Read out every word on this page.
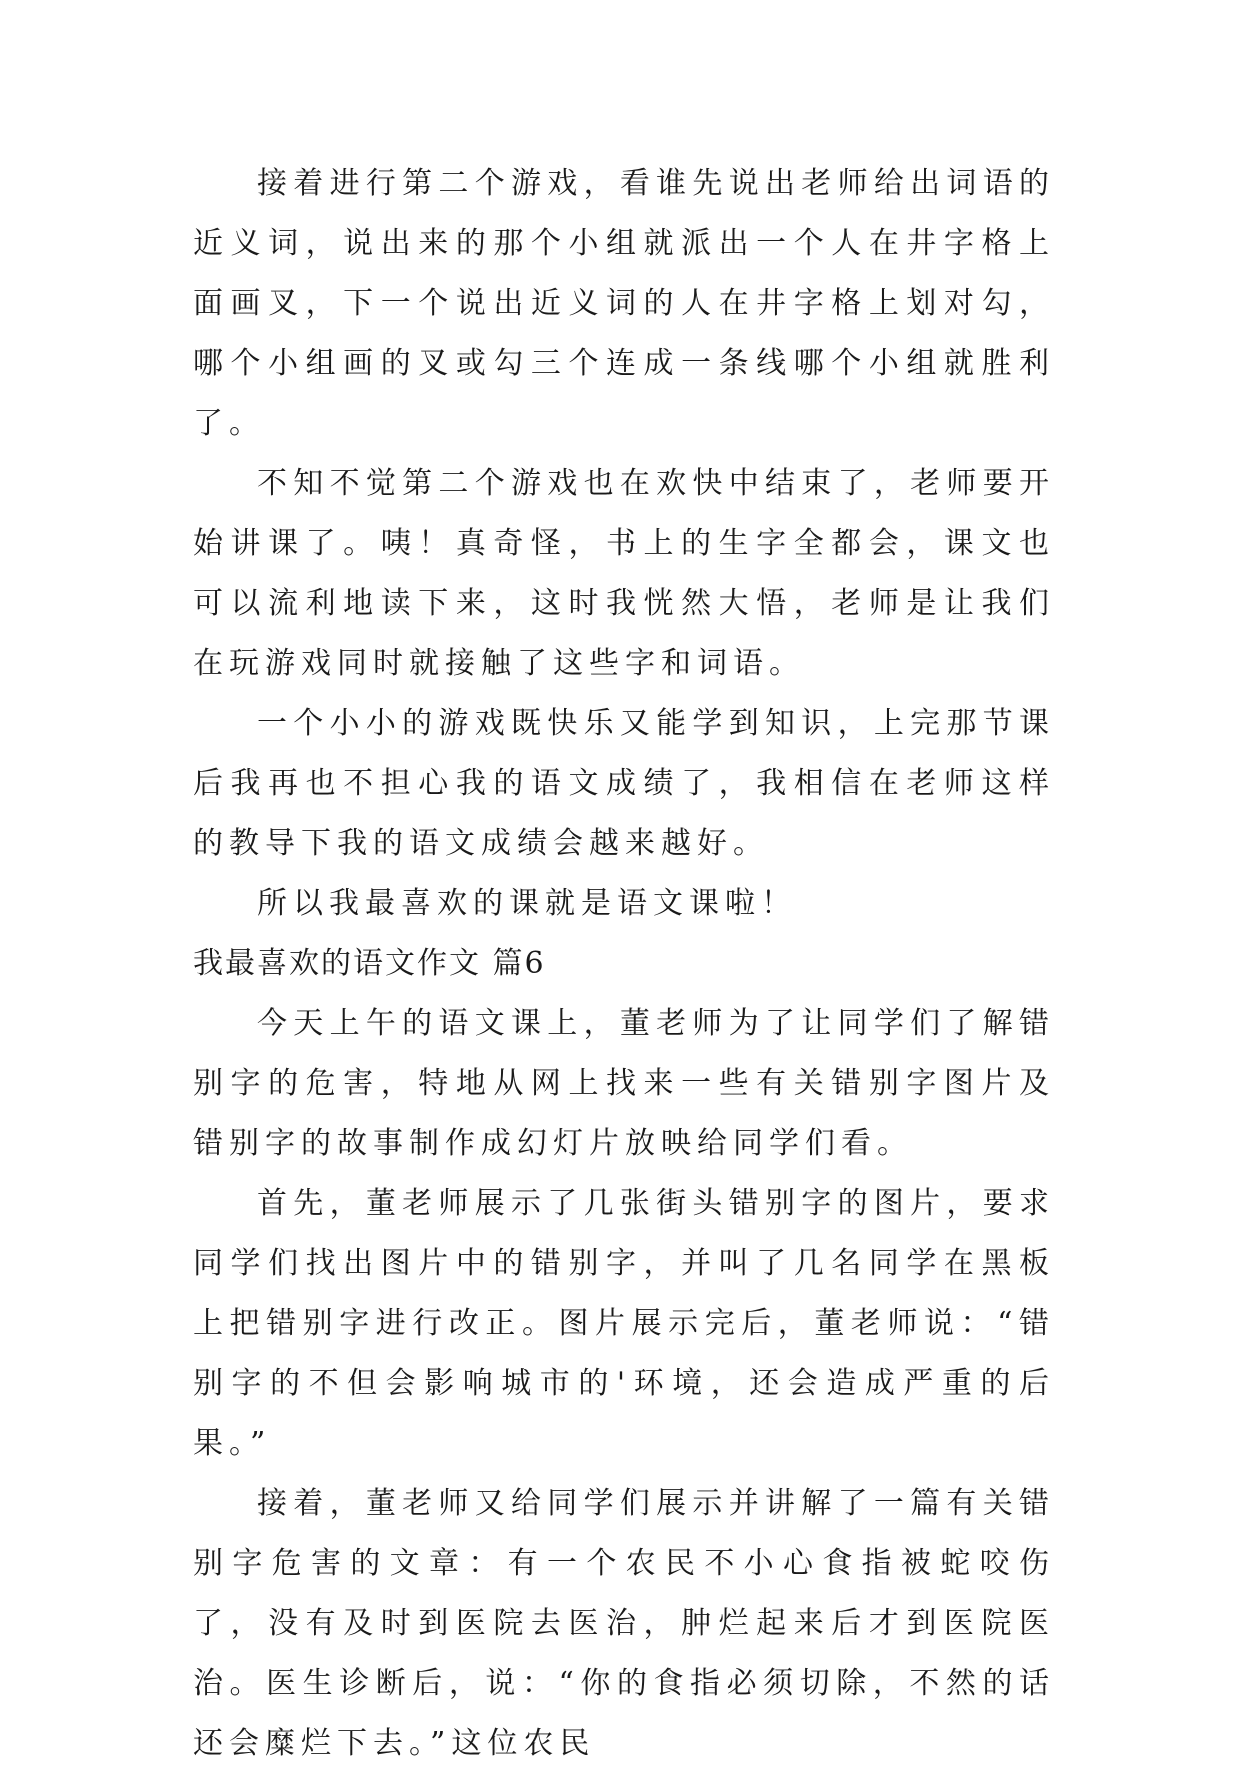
接着进行第二个游戏，看谁先说出老师给出词语的近义词，说出来的那个小组就派出一个人在井字格上面画叉，下一个说出近义词的人在井字格上划对勾，哪个小组画的叉或勾三个连成一条线哪个小组就胜利了。

不知不觉第二个游戏也在欢快中结束了，老师要开始讲课了。咦！真奇怪，书上的生字全都会，课文也可以流利地读下来，这时我恍然大悟，老师是让我们在玩游戏同时就接触了这些字和词语。

一个小小的游戏既快乐又能学到知识，上完那节课后我再也不担心我的语文成绩了，我相信在老师这样的教导下我的语文成绩会越来越好。

所以我最喜欢的课就是语文课啦！

我最喜欢的语文作文 篇6

今天上午的语文课上，董老师为了让同学们了解错别字的危害，特地从网上找来一些有关错别字图片及错别字的故事制作成幻灯片放映给同学们看。

首先，董老师展示了几张街头错别字的图片，要求同学们找出图片中的错别字，并叫了几名同学在黑板上把错别字进行改正。图片展示完后，董老师说：“错别字的不但会影响城市的'环境，还会造成严重的后果。”

接着，董老师又给同学们展示并讲解了一篇有关错别字危害的文章：有一个农民不小心食指被蛇咬伤了，没有及时到医院去医治，肿烂起来后才到医院医治。医生诊断后，说：“你的食指必须切除，不然的话还会糜烂下去。”这位农民
